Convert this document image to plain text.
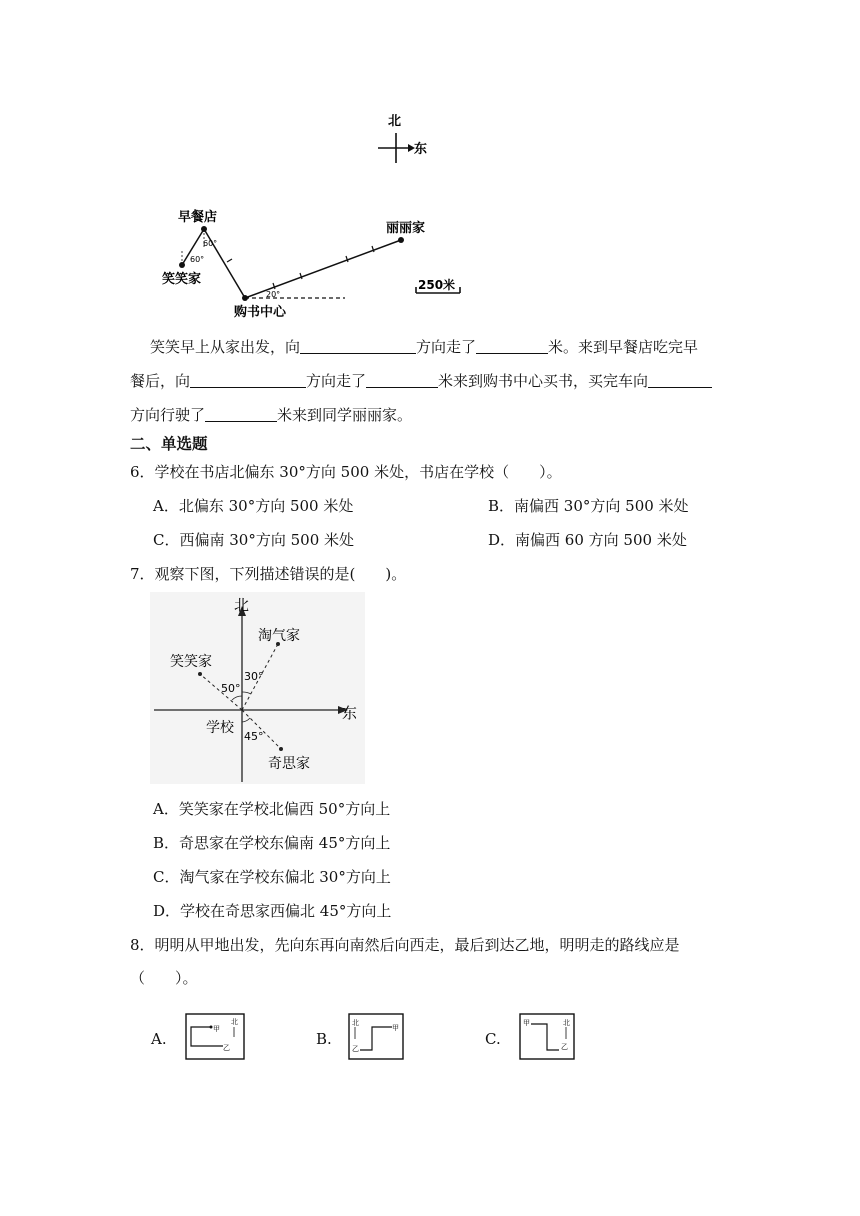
北
东
早餐店
笑笑家
购书中心
丽丽家
60°
60°
20°
250米
笑笑早上从家出发，向	方向走了	米。来到早餐店吃完早
餐后，向	方向走了	米来到购书中心买书，买完车向
方向行驶了	米来到同学丽丽家。
二、单选题
6．学校在书店北偏东 30°方向 500 米处，书店在学校（　　）。
A．北偏东 30°方向 500 米处	B．南偏西 30°方向 500 米处
C．西偏南 30°方向 500 米处	D．南偏西 60 方向 500 米处
7．观察下图，下列描述错误的是(　　)。
北
东
淘气家
笑笑家
学校
奇思家
30°
50°
45°
A．笑笑家在学校北偏西 50°方向上
B．奇思家在学校东偏南 45°方向上
C．淘气家在学校东偏北 30°方向上
D．学校在奇思家西偏北 45°方向上
8．明明从甲地出发，先向东再向南然后向西走，最后到达乙地，明明走的路线应是
（　　）。
A.
甲
乙
北
B.
甲
乙
北
C.
甲
乙
北
